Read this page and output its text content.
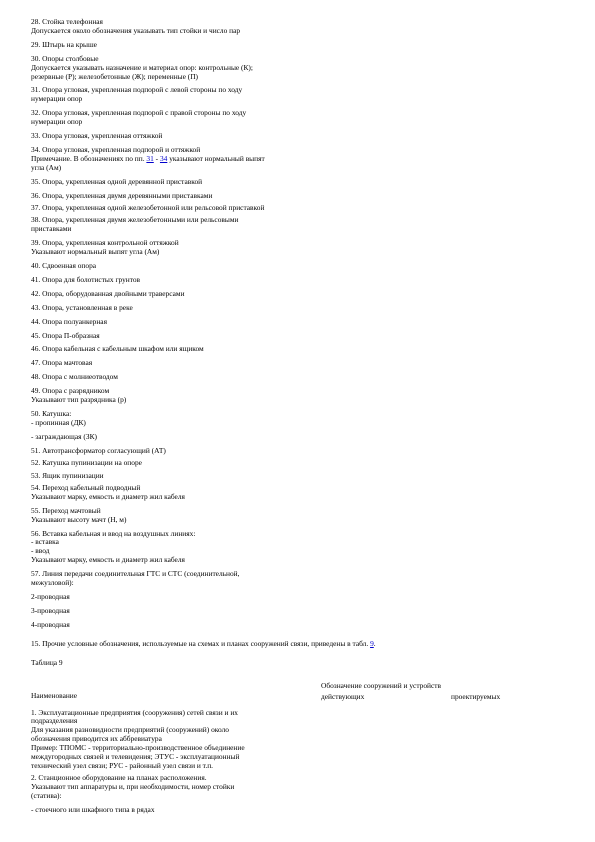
28. Стойка телефонная
Допускается около обозначения указывать тип стойки и число пар

29. Штырь на крыше

30. Опоры столбовые
Допускается указывать назначение и материал опор: контрольные (К);
резервные (Р); железобетонные (Ж); переменные (П)

31. Опора угловая, укрепленная подпорой с левой стороны по ходу
нумерации опор

32. Опора угловая, укрепленная подпорой с правой стороны по ходу
нумерации опор

33. Опора угловая, укрепленная оттяжкой

34. Опора угловая, укрепленная подпорой и оттяжкой
Примечание. В обозначениях по пп. 31 - 34 указывают нормальный выпят
угла (Ам)

35. Опора, укрепленная одной деревянной приставкой

36. Опора, укрепленная двумя деревянными приставками

37. Опора, укрепленная одной железобетонной или рельсовой приставкой

38. Опора, укрепленная двумя железобетонными или рельсовыми
приставками

39. Опора, укрепленная контрольной оттяжкой
Указывают нормальный выпят угла (Ам)

40. Сдвоенная опора

41. Опора для болотистых грунтов

42. Опора, оборудованная двойными траверсами

43. Опора, установленная в реке

44. Опора полуанкерная

45. Опора П-образная

46. Опора кабельная с кабельным шкафом или ящиком

47. Опора мачтовая

48. Опора с молниеотводом

49. Опора с разрядником
Указывают тип разрядника (р)

50. Катушка:
- пропинная (ДК)

- заграждающая (ЗК)

51. Автотрансформатор согласующий (АТ)

52. Катушка пупинизации на опоре

53. Ящик пупинизации

54. Переход кабельный подводный
Указывают марку, емкость и диаметр жил кабеля

55. Переход мачтовый
Указывают высоту мачт (Н, м)

56. Вставка кабельная и ввод на воздушных линиях:
- вставка
- ввод
Указывают марку, емкость и диаметр жил кабеля

57. Линия передачи соединительная ГТС и СТС (соединительной,
межузловой):

2-проводная

3-проводная

4-проводная

15. Прочие условные обозначения, используемые на схемах и планах сооружений связи, приведены в табл. 9.

Таблица 9

Наименование
Обозначение сооружений и устройств
действующих	проектируемых

1. Эксплуатационные предприятия (сооружения) сетей связи и их
подразделения
Для указания разновидности предприятий (сооружений) около
обозначения приводится их аббревиатура
Пример: ТПОМС - территориально-производственное объединение
междугородных связей и телевидения; ЭТУС - эксплуатационный
технический узел связи; РУС - районный узел связи и т.п.

2. Станционное оборудование на планах расположения.
Указывают тип аппаратуры и, при необходимости, номер стойки
(статива):

- стоечного или шкафного типа в рядах
